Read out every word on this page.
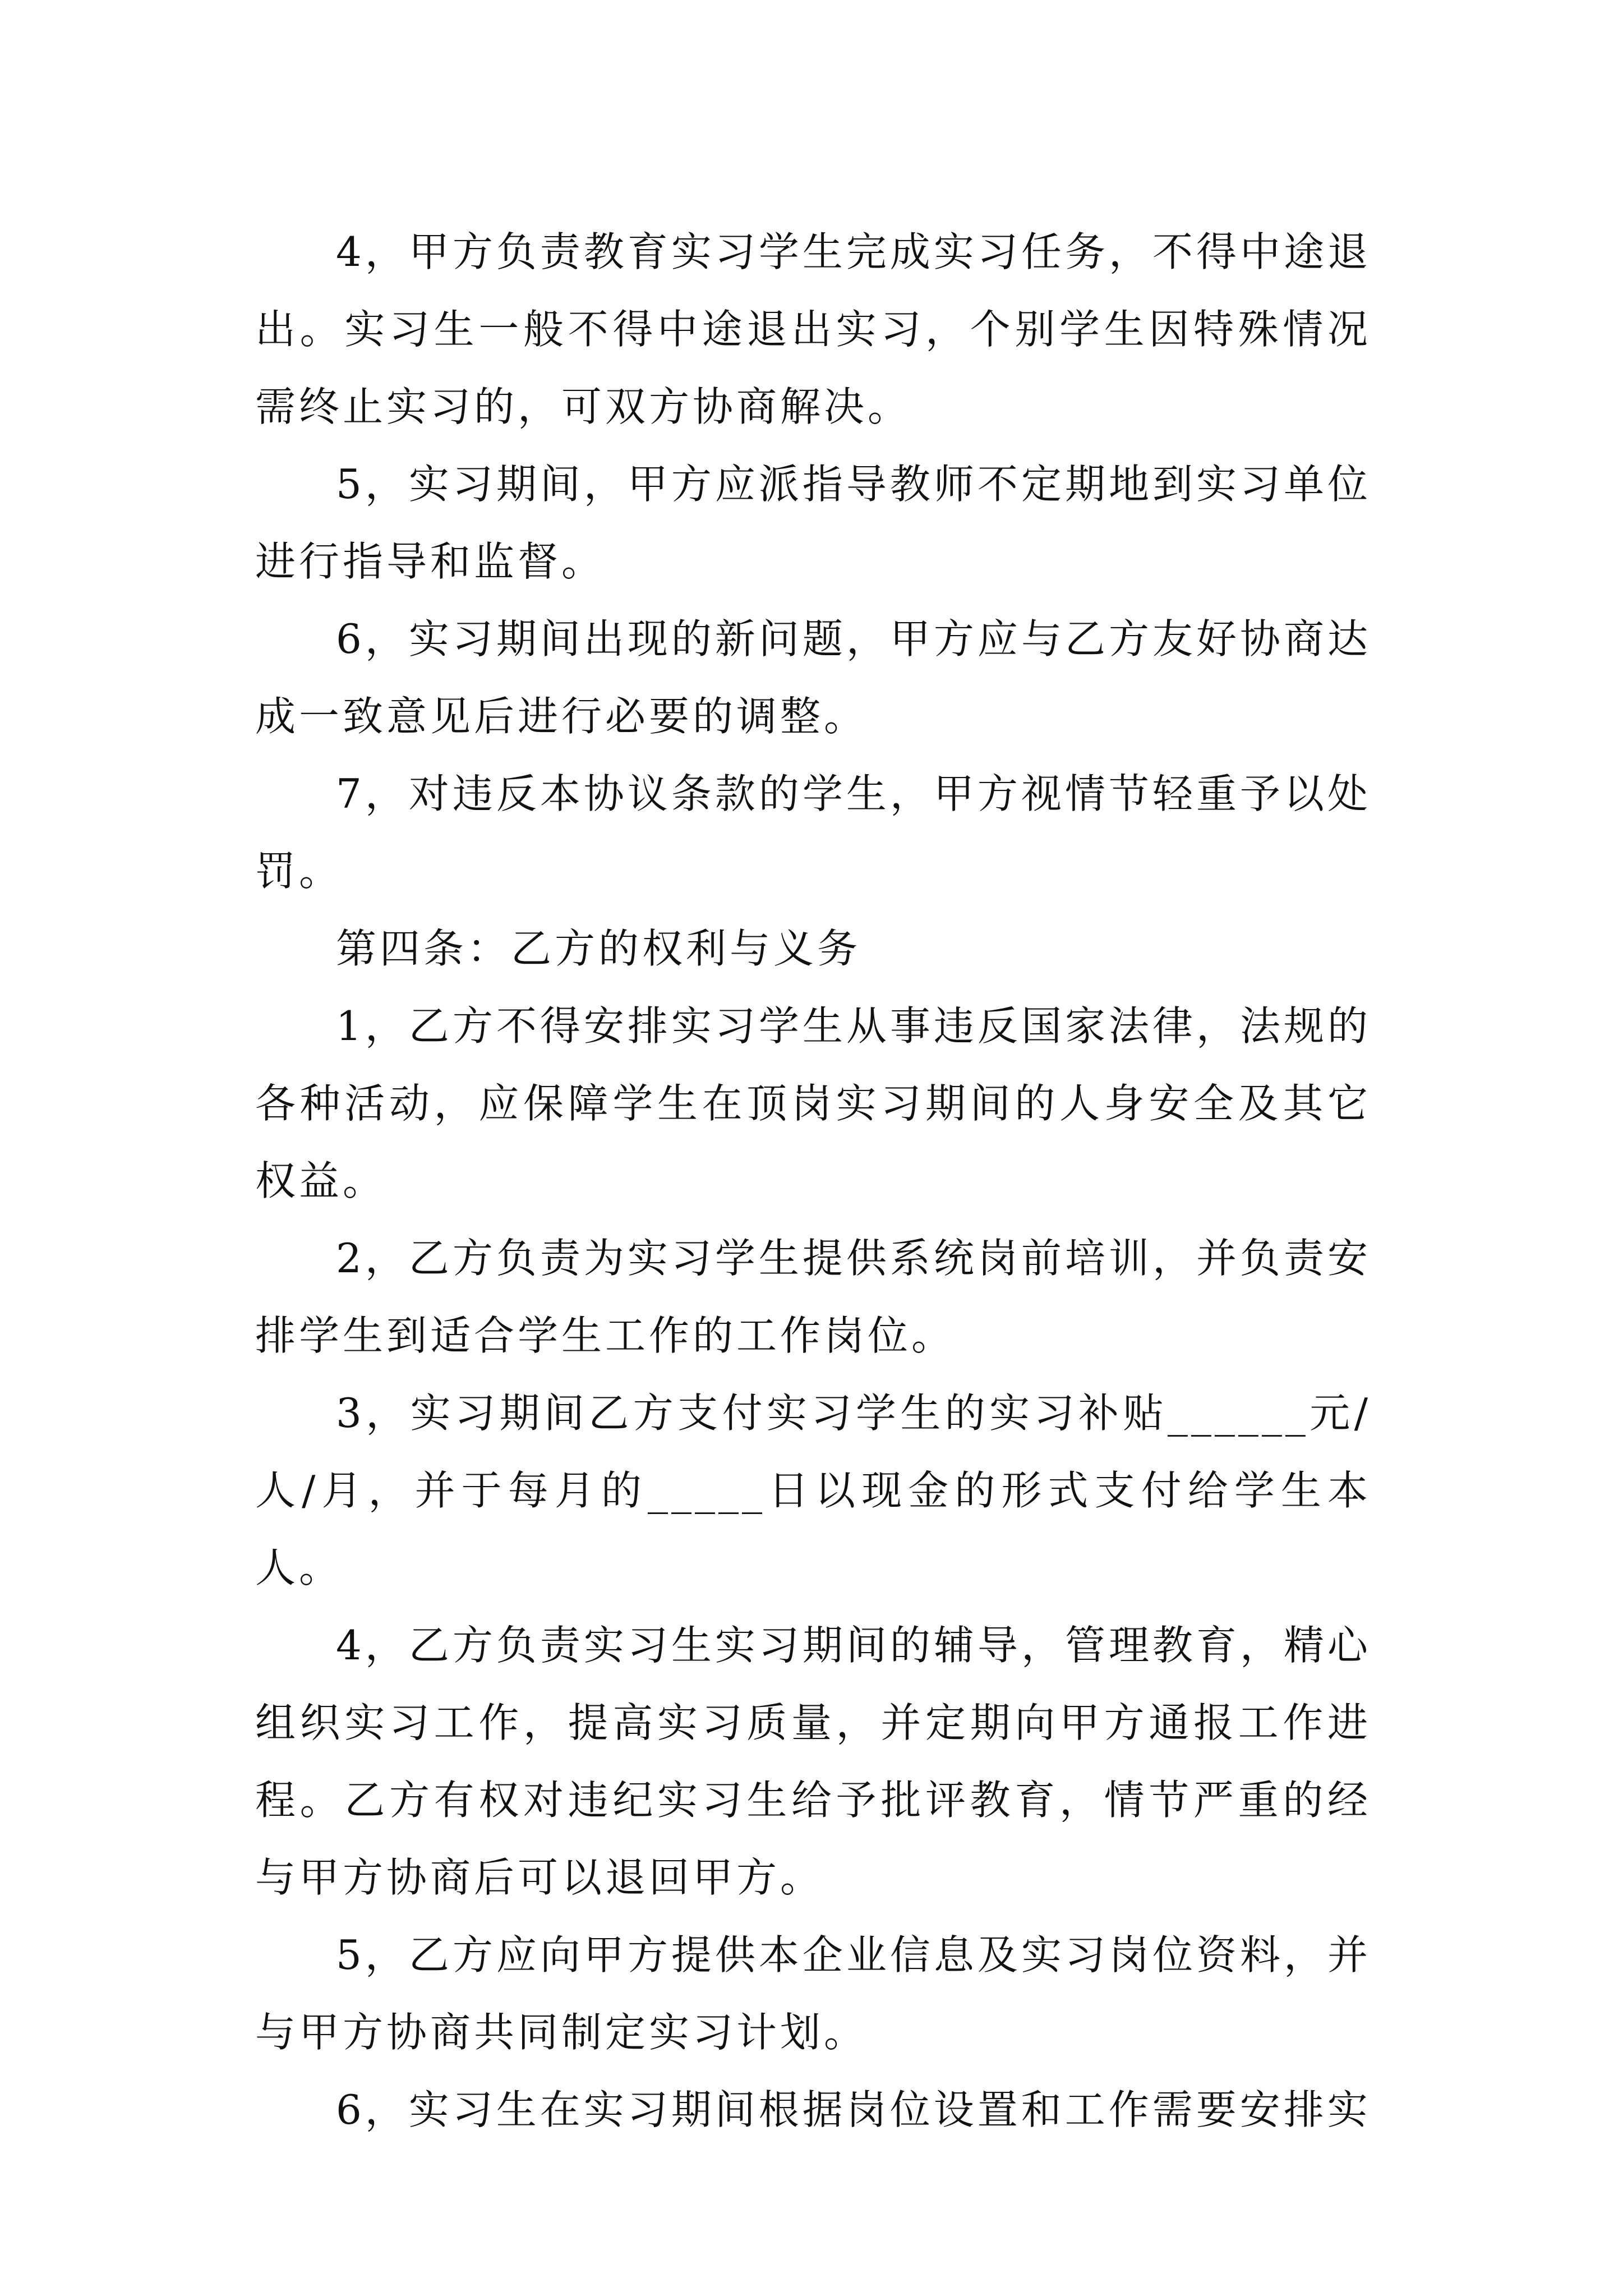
4，甲方负责教育实习学生完成实习任务，不得中途退出。实习生一般不得中途退出实习，个别学生因特殊情况需终止实习的，可双方协商解决。

5，实习期间，甲方应派指导教师不定期地到实习单位进行指导和监督。

6，实习期间出现的新问题，甲方应与乙方友好协商达成一致意见后进行必要的调整。

7，对违反本协议条款的学生，甲方视情节轻重予以处罚。

第四条：乙方的权利与义务

1，乙方不得安排实习学生从事违反国家法律，法规的各种活动，应保障学生在顶岗实习期间的人身安全及其它权益。

2，乙方负责为实习学生提供系统岗前培训，并负责安排学生到适合学生工作的工作岗位。

3，实习期间乙方支付实习学生的实习补贴______元/人/月，并于每月的_____日以现金的形式支付给学生本人。

4，乙方负责实习生实习期间的辅导，管理教育，精心组织实习工作，提高实习质量，并定期向甲方通报工作进程。乙方有权对违纪实习生给予批评教育，情节严重的经与甲方协商后可以退回甲方。

5，乙方应向甲方提供本企业信息及实习岗位资料，并与甲方协商共同制定实习计划。

6，实习生在实习期间根据岗位设置和工作需要安排实
